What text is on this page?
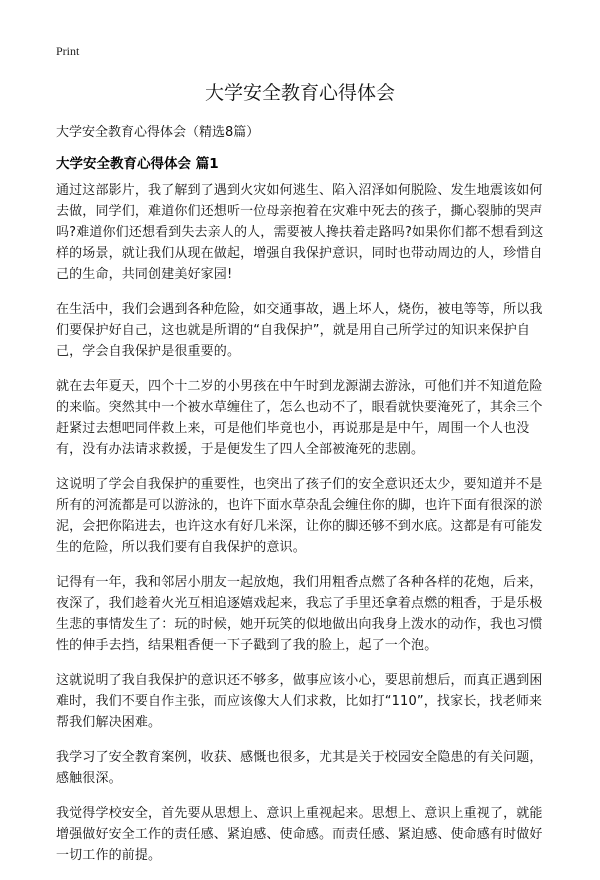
Print
大学安全教育心得体会
大学安全教育心得体会（精选8篇）
大学安全教育心得体会 篇1

通过这部影片，我了解到了遇到火灾如何逃生、陷入沼泽如何脱险、发生地震该如何去做，同学们，难道你们还想听一位母亲抱着在灾难中死去的孩子，撕心裂肺的哭声吗?难道你们还想看到失去亲人的人，需要被人搀扶着走路吗?如果你们都不想看到这样的场景，就让我们从现在做起，增强自我保护意识，同时也带动周边的人，珍惜自己的生命，共同创建美好家园!

在生活中，我们会遇到各种危险，如交通事故，遇上坏人，烧伤，被电等等，所以我们要保护好自己，这也就是所谓的“自我保护”，就是用自己所学过的知识来保护自己，学会自我保护是很重要的。

就在去年夏天，四个十二岁的小男孩在中午时到龙源湖去游泳，可他们并不知道危险的来临。突然其中一个被水草缠住了，怎么也动不了，眼看就快要淹死了，其余三个赶紧过去想吧同伴救上来，可是他们毕竟也小，再说那是是中午，周围一个人也没有，没有办法请求救援，于是便发生了四人全部被淹死的悲剧。

这说明了学会自我保护的重要性，也突出了孩子们的安全意识还太少，要知道并不是所有的河流都是可以游泳的，也许下面水草杂乱会缠住你的脚，也许下面有很深的淤泥，会把你陷进去，也许这水有好几米深，让你的脚还够不到水底。这都是有可能发生的危险，所以我们要有自我保护的意识。

记得有一年，我和邻居小朋友一起放炮，我们用粗香点燃了各种各样的花炮，后来，夜深了，我们趁着火光互相追逐嬉戏起来，我忘了手里还拿着点燃的粗香，于是乐极生悲的事情发生了：玩的时候，她开玩笑的似地做出向我身上泼水的动作，我也习惯性的伸手去挡，结果粗香便一下子戳到了我的脸上，起了一个泡。

这就说明了我自我保护的意识还不够多，做事应该小心，要思前想后，而真正遇到困难时，我们不要自作主张，而应该像大人们求救，比如打“110”，找家长，找老师来帮我们解决困难。

我学习了安全教育案例，收获、感慨也很多，尤其是关于校园安全隐患的有关问题，感触很深。

我觉得学校安全，首先要从思想上、意识上重视起来。思想上、意识上重视了，就能增强做好安全工作的责任感、紧迫感、使命感。而责任感、紧迫感、使命感有时做好一切工作的前提。
